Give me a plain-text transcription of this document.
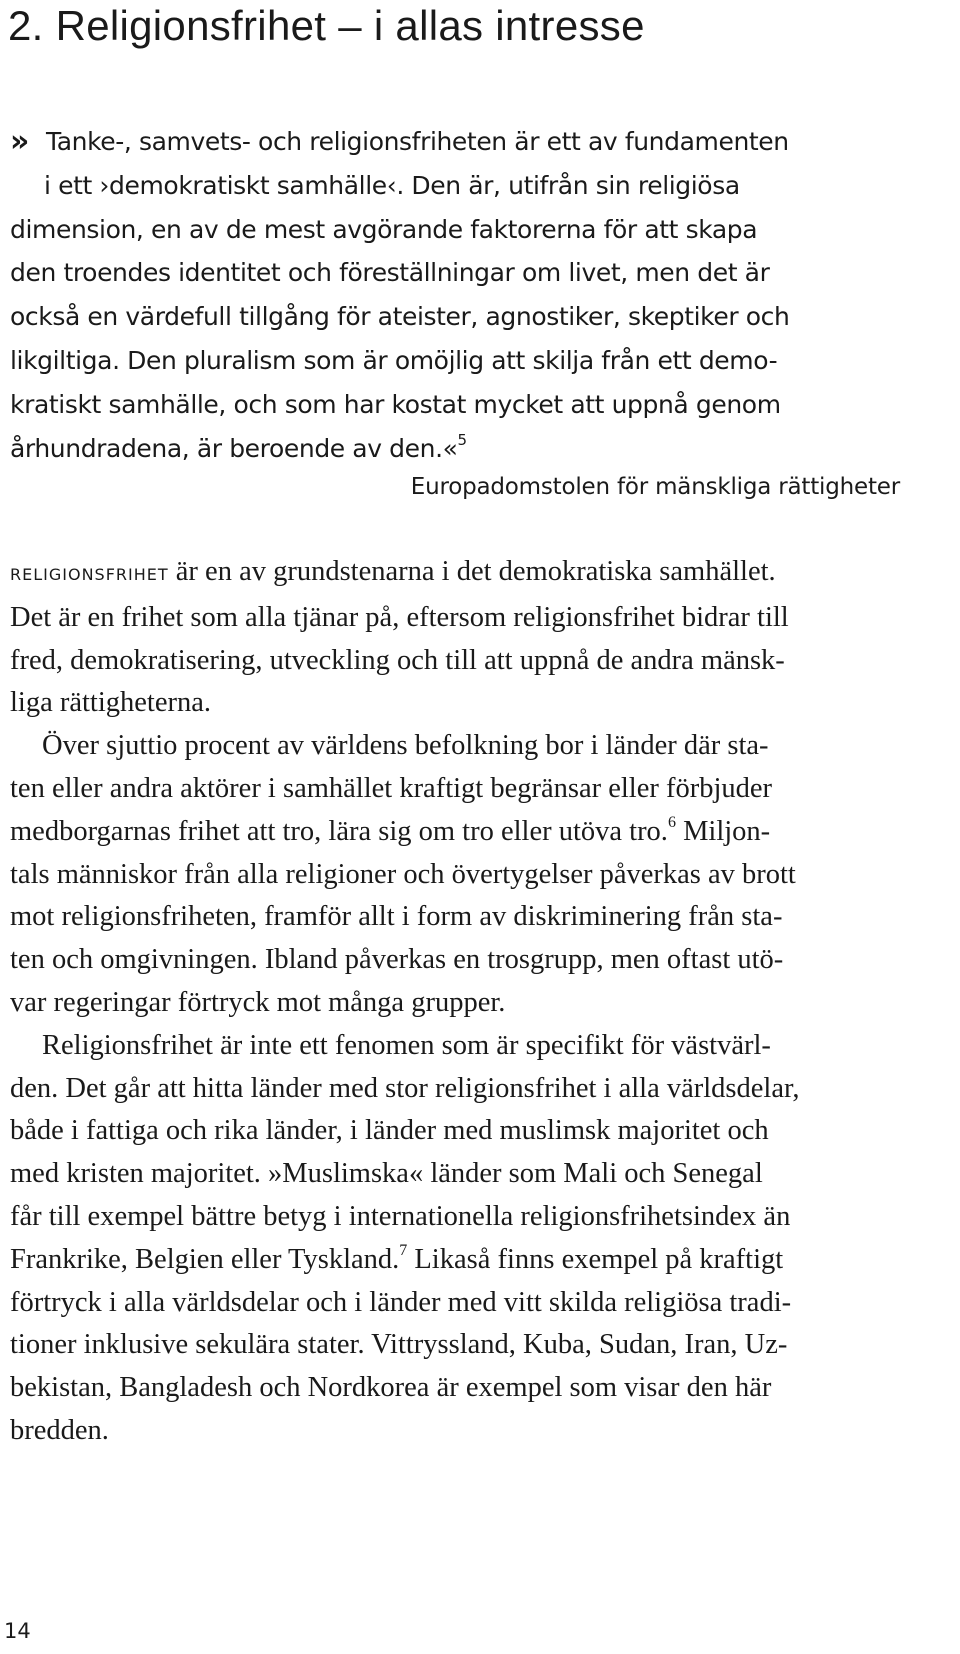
2. Religionsfrihet – i allas intresse
» Tanke-, samvets- och religionsfriheten är ett av fundamenten
i ett ›demokratiskt samhälle‹. Den är, utifrån sin religiösa
dimension, en av de mest avgörande faktorerna för att skapa
den troendes identitet och föreställningar om livet, men det är
också en värdefull tillgång för ateister, agnostiker, skeptiker och
likgiltiga. Den pluralism som är omöjlig att skilja från ett demo-
kratiskt samhälle, och som har kostat mycket att uppnå genom
århundradena, är beroende av den.«$^5$

Europadomstolen för mänskliga rättigheter

RELIGIONSFRIHET är en av grundstenarna i det demokratiska samhället.
Det är en frihet som alla tjänar på, eftersom religionsfrihet bidrar till
fred, demokratisering, utveckling och till att uppnå de andra mänsk-
liga rättigheterna.
Över sjuttio procent av världens befolkning bor i länder där sta-
ten eller andra aktörer i samhället kraftigt begränsar eller förbjuder
medborgarnas frihet att tro, lära sig om tro eller utöva tro.$^6$ Miljon-
tals människor från alla religioner och övertygelser påverkas av brott
mot religionsfriheten, framför allt i form av diskriminering från sta-
ten och omgivningen. Ibland påverkas en trosgrupp, men oftast utö-
var regeringar förtryck mot många grupper.
Religionsfrihet är inte ett fenomen som är specifikt för västvärl-
den. Det går att hitta länder med stor religionsfrihet i alla världsdelar,
både i fattiga och rika länder, i länder med muslimsk majoritet och
med kristen majoritet. »Muslimska« länder som Mali och Senegal
får till exempel bättre betyg i internationella religionsfrihetsindex än
Frankrike, Belgien eller Tyskland.$^7$ Likaså finns exempel på kraftigt
förtryck i alla världsdelar och i länder med vitt skilda religiösa tradi-
tioner inklusive sekulära stater. Vittryssland, Kuba, Sudan, Iran, Uz-
bekistan, Bangladesh och Nordkorea är exempel som visar den här
bredden.

14
